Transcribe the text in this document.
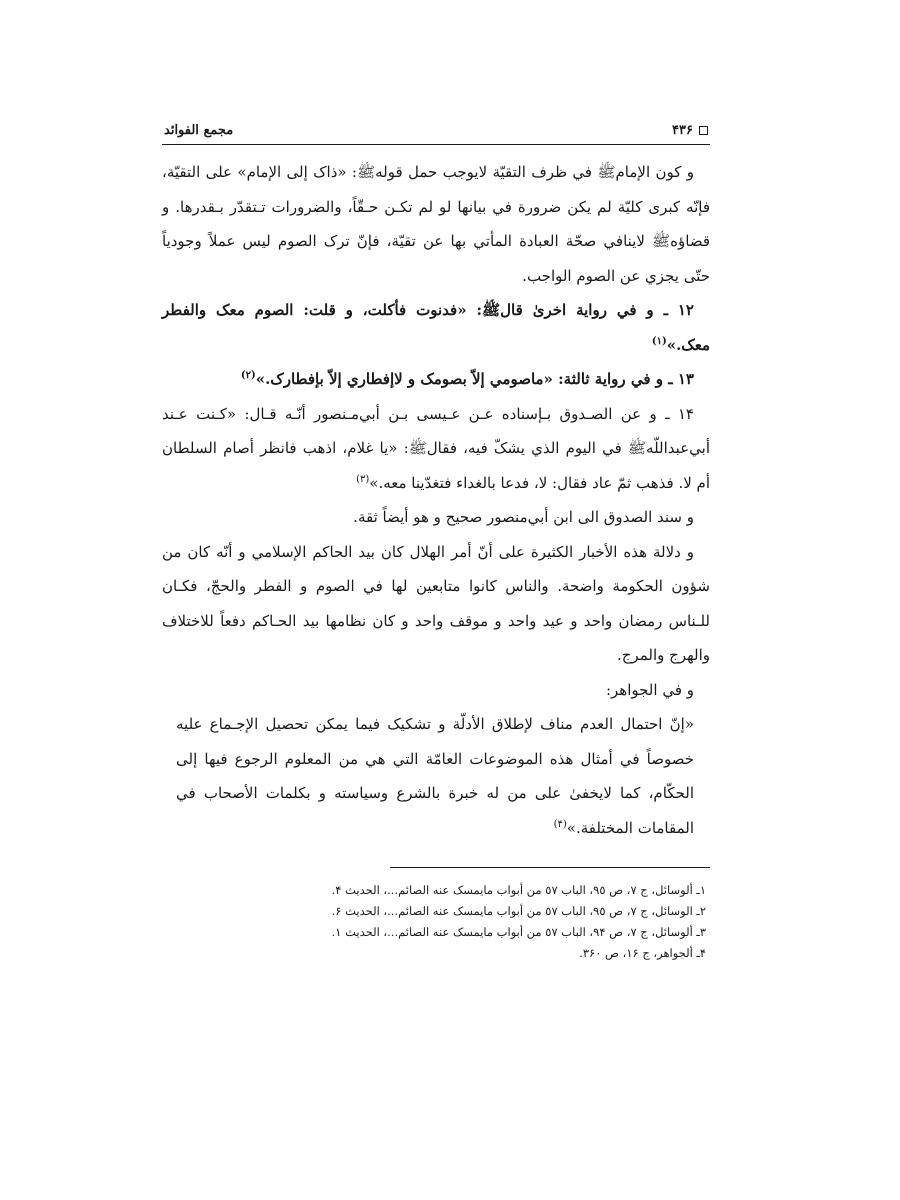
۴۳۶
مجمع الفوائد

و کون الإمامﷺ في ظرف التقيّة لايوجب حمل قولهﷺ: «ذاک إلى الإمام» على التقيّة، فإنّه كبرى كليّة لم يكن ضرورة في بيانها لو لم تكـن حـقّاً، والضرورات تـتقدّر بـقدرها. و قضاؤهﷺ لاينافي صحّة العبادة المأتي بها عن تقيّة، فإنّ ترک الصوم ليس عملاً وجودياً حتّى يجزي عن الصوم الواجب.

١٢ ـ و في رواية اخرىٰ قالﷺ: «فدنوت فأكلت، و قلت: الصوم معک والفطر معک.»$^{(١)}$

١٣ ـ و في رواية ثالثة: «ماصومي إلاّ بصومک و لاإفطاري إلاّ بإفطارک.»$^{(٢)}$

١۴ ـ و عن الصـدوق بـإسناده عـن عـيسى بـن أبي‌مـنصور أنّـه قـال: «كـنت عـند أبي‌عبداللّهﷺ في اليوم الذي يشکّ فيه، فقالﷺ: «يا غلام، اذهب فانظر أصام السلطان أم لا. فذهب ثمّ عاد فقال: لا، فدعا بالغداء فتغدّينا معه.»$^{(٣)}$

و سند الصدوق الى ابن أبي‌منصور صحيح و هو أيضاً ثقة.

و دلالة هذه الأخبار الكثيرة على أنّ أمر الهلال كان بيد الحاكم الإسلامي و أنّه كان من شؤون الحكومة واضحة. والناس كانوا متابعين لها في الصوم و الفطر والحجّ، فكـان للـناس رمضان واحد و عيد واحد و موقف واحد و كان نظامها بيد الحـاكم دفعاً للاختلاف والهرج والمرج.

و في الجواهر:

«إنّ احتمال العدم مناف لإطلاق الأدلّة و تشكيک فيما يمكن تحصيل الإجـماع عليه خصوصاً في أمثال هذه الموضوعات العامّة التي هي من المعلوم الرجوع فيها إلى الحكّام، كما لايخفىٰ على من له خبرة بالشرع وسياسته و بكلمات الأصحاب في المقامات المختلفة.»$^{(۴)}$

١ـ ألوسائل، ج ٧، ص ٩٥، الباب ٥٧ من أبواب مايمسک عنه الصائم...، الحديث ۴.
٢ـ الوسائل، ج ٧، ص ٩٥، الباب ٥٧ من أبواب مايمسک عنه الصائم...، الحديث ۶.
٣ـ ألوسائل، ج ٧، ص ٩۴، الباب ٥٧ من أبواب مايمسک عنه الصائم...، الحديث ١.
۴ـ ألجواهر، ج ١۶، ص ٣۶٠.
